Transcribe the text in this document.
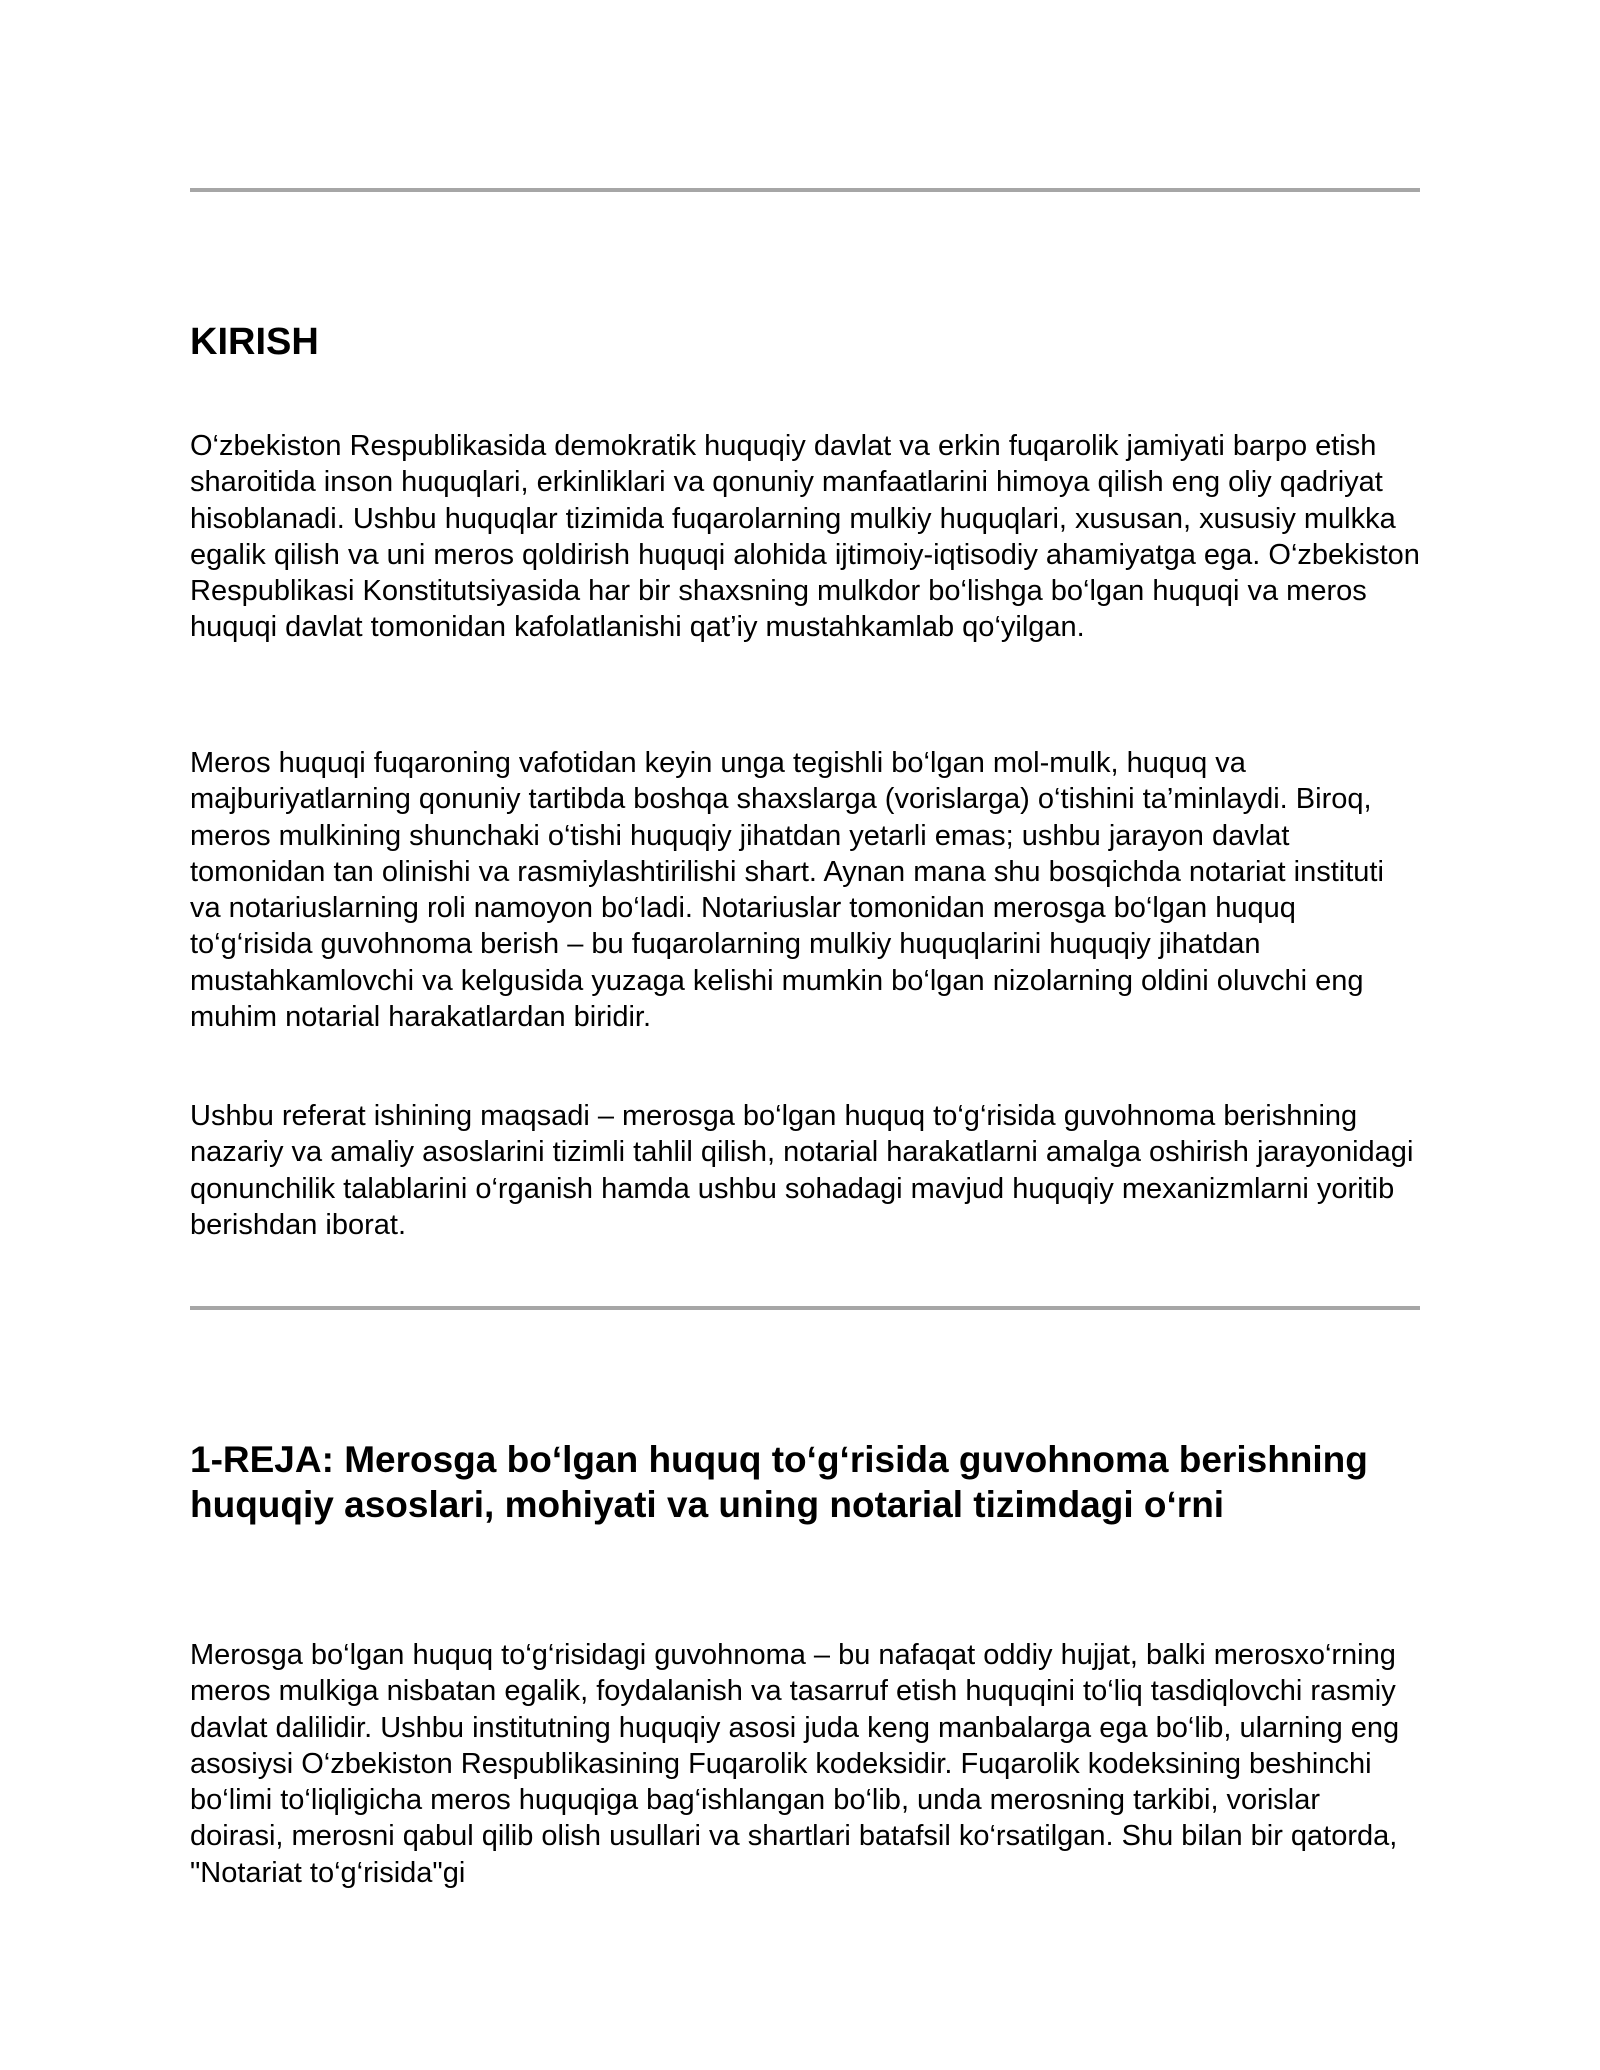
KIRISH

O‘zbekiston Respublikasida demokratik huquqiy davlat va erkin fuqarolik jamiyati barpo etish sharoitida inson huquqlari, erkinliklari va qonuniy manfaatlarini himoya qilish eng oliy qadriyat hisoblanadi. Ushbu huquqlar tizimida fuqarolarning mulkiy huquqlari, xususan, xususiy mulkka egalik qilish va uni meros qoldirish huquqi alohida ijtimoiy-iqtisodiy ahamiyatga ega. O‘zbekiston Respublikasi Konstitutsiyasida har bir shaxsning mulkdor bo‘lishga bo‘lgan huquqi va meros huquqi davlat tomonidan kafolatlanishi qat’iy mustahkamlab qo‘yilgan.

Meros huquqi fuqaroning vafotidan keyin unga tegishli bo‘lgan mol-mulk, huquq va majburiyatlarning qonuniy tartibda boshqa shaxslarga (vorislarga) o‘tishini ta’minlaydi. Biroq, meros mulkining shunchaki o‘tishi huquqiy jihatdan yetarli emas; ushbu jarayon davlat tomonidan tan olinishi va rasmiylashtirilishi shart. Aynan mana shu bosqichda notariat instituti va notariuslarning roli namoyon bo‘ladi. Notariuslar tomonidan merosga bo‘lgan huquq to‘g‘risida guvohnoma berish – bu fuqarolarning mulkiy huquqlarini huquqiy jihatdan mustahkamlovchi va kelgusida yuzaga kelishi mumkin bo‘lgan nizolarning oldini oluvchi eng muhim notarial harakatlardan biridir.

Ushbu referat ishining maqsadi – merosga bo‘lgan huquq to‘g‘risida guvohnoma berishning nazariy va amaliy asoslarini tizimli tahlil qilish, notarial harakatlarni amalga oshirish jarayonidagi qonunchilik talablarini o‘rganish hamda ushbu sohadagi mavjud huquqiy mexanizmlarni yoritib berishdan iborat.

1-REJA: Merosga bo‘lgan huquq to‘g‘risida guvohnoma berishning huquqiy asoslari, mohiyati va uning notarial tizimdagi o‘rni

Merosga bo‘lgan huquq to‘g‘risidagi guvohnoma – bu nafaqat oddiy hujjat, balki merosxo‘rning meros mulkiga nisbatan egalik, foydalanish va tasarruf etish huquqini to‘liq tasdiqlovchi rasmiy davlat dalilidir. Ushbu institutning huquqiy asosi juda keng manbalarga ega bo‘lib, ularning eng asosiysi O‘zbekiston Respublikasining Fuqarolik kodeksidir. Fuqarolik kodeksining beshinchi bo‘limi to‘liqligicha meros huquqiga bag‘ishlangan bo‘lib, unda merosning tarkibi, vorislar doirasi, merosni qabul qilib olish usullari va shartlari batafsil ko‘rsatilgan. Shu bilan bir qatorda, "Notariat to‘g‘risida"gi
